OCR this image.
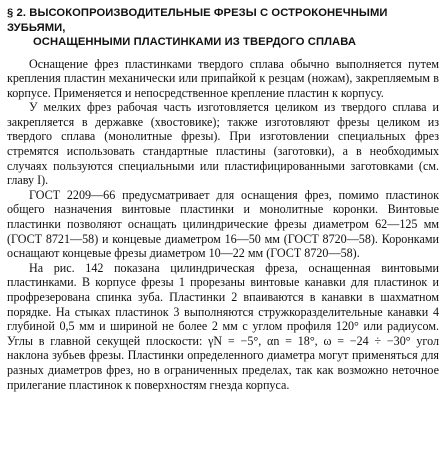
§ 2. ВЫСОКОПРОИЗВОДИТЕЛЬНЫЕ ФРЕЗЫ С ОСТРОКОНЕЧНЫМИ ЗУБЬЯМИ,
ОСНАЩЕННЫМИ ПЛАСТИНКАМИ ИЗ ТВЕРДОГО СПЛАВА

Оснащение фрез пластинками твердого сплава обычно выполняется путем крепления пластин механически или припайкой к резцам (ножам), закрепляемым в корпусе. Применяется и непосредственное крепление пластин к корпусу.

У мелких фрез рабочая часть изготовляется целиком из твердого сплава и закрепляется в державке (хвостовике); также изготовляют фрезы целиком из твердого сплава (монолитные фрезы). При изготовлении специальных фрез стремятся использовать стандартные пластины (заготовки), а в необходимых случаях пользуются специальными или пластифицированными заготовками (см. главу I).

ГОСТ 2209—66 предусматривает для оснащения фрез, помимо пластинок общего назначения винтовые пластинки и монолитные коронки. Винтовые пластинки позволяют оснащать цилиндрические фрезы диаметром 62—125 мм (ГОСТ 8721—58) и концевые диаметром 16—50 мм (ГОСТ 8720—58). Коронками оснащают концевые фрезы диаметром 10—22 мм (ГОСТ 8720—58).

На рис. 142 показана цилиндрическая фреза, оснащенная винтовыми пластинками. В корпусе фрезы 1 прорезаны винтовые канавки для пластинок и профрезерована спинка зуба. Пластинки 2 впаиваются в канавки в шахматном порядке. На стыках пластинок 3 выполняются стружкоразделительные канавки 4 глубиной 0,5 мм и шириной не более 2 мм с углом профиля 120° или радиусом. Углы в главной секущей плоскости: γN = −5°, αn = 18°, ω = −24 ÷ −30° угол наклона зубьев фрезы. Пластинки определенного диаметра могут применяться для разных диаметров фрез, но в ограниченных пределах, так как возможно неточное прилегание пластинок к поверхностям гнезда корпуса.
